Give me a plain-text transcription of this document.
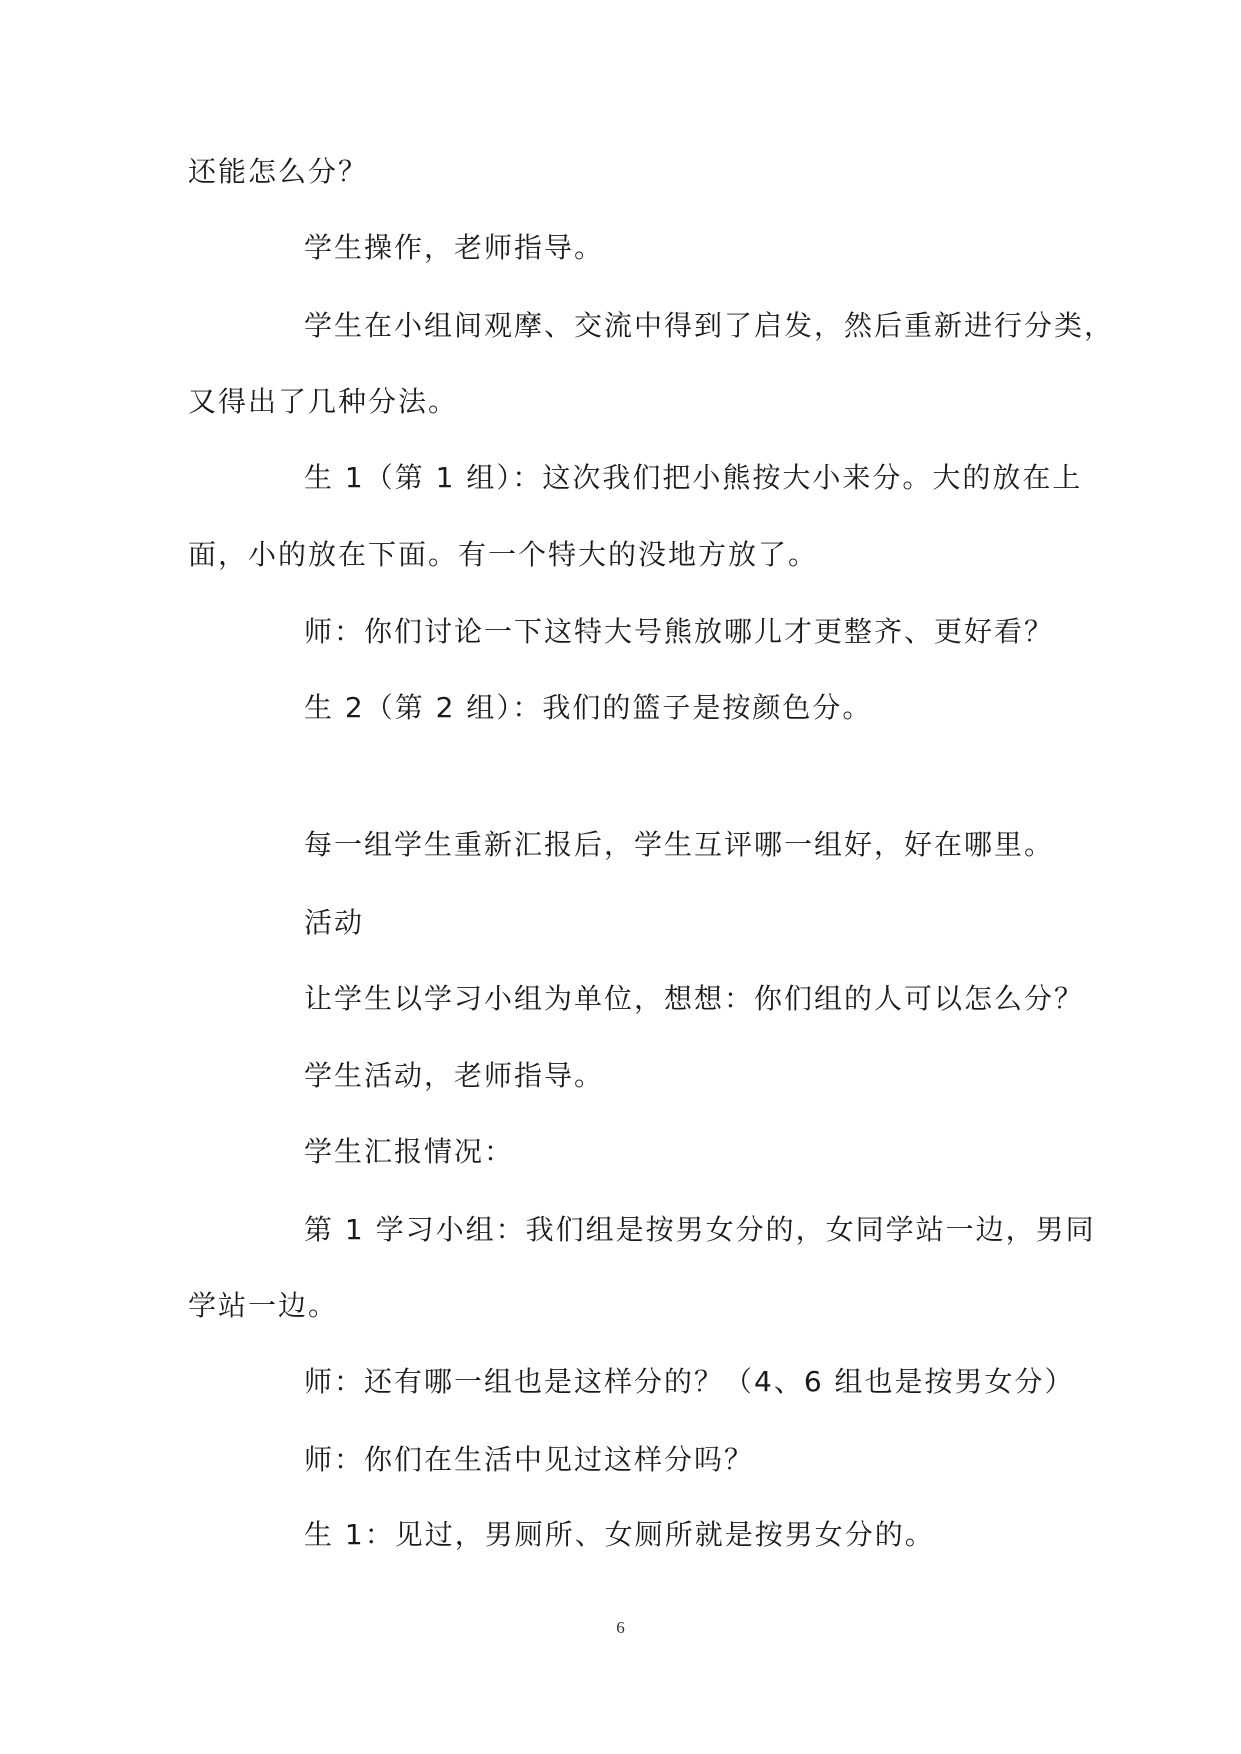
还能怎么分？
学生操作，老师指导。
学生在小组间观摩、交流中得到了启发，然后重新进行分类，
又得出了几种分法。
生 1（第 1 组）：这次我们把小熊按大小来分。大的放在上
面，小的放在下面。有一个特大的没地方放了。
师：你们讨论一下这特大号熊放哪儿才更整齐、更好看？
生 2（第 2 组）：我们的篮子是按颜色分。
每一组学生重新汇报后，学生互评哪一组好，好在哪里。
活动
让学生以学习小组为单位，想想：你们组的人可以怎么分？
学生活动，老师指导。
学生汇报情况：
第 1 学习小组：我们组是按男女分的，女同学站一边，男同
学站一边。
师：还有哪一组也是这样分的？（4、6 组也是按男女分）
师：你们在生活中见过这样分吗？
生 1：见过，男厕所、女厕所就是按男女分的。
6
